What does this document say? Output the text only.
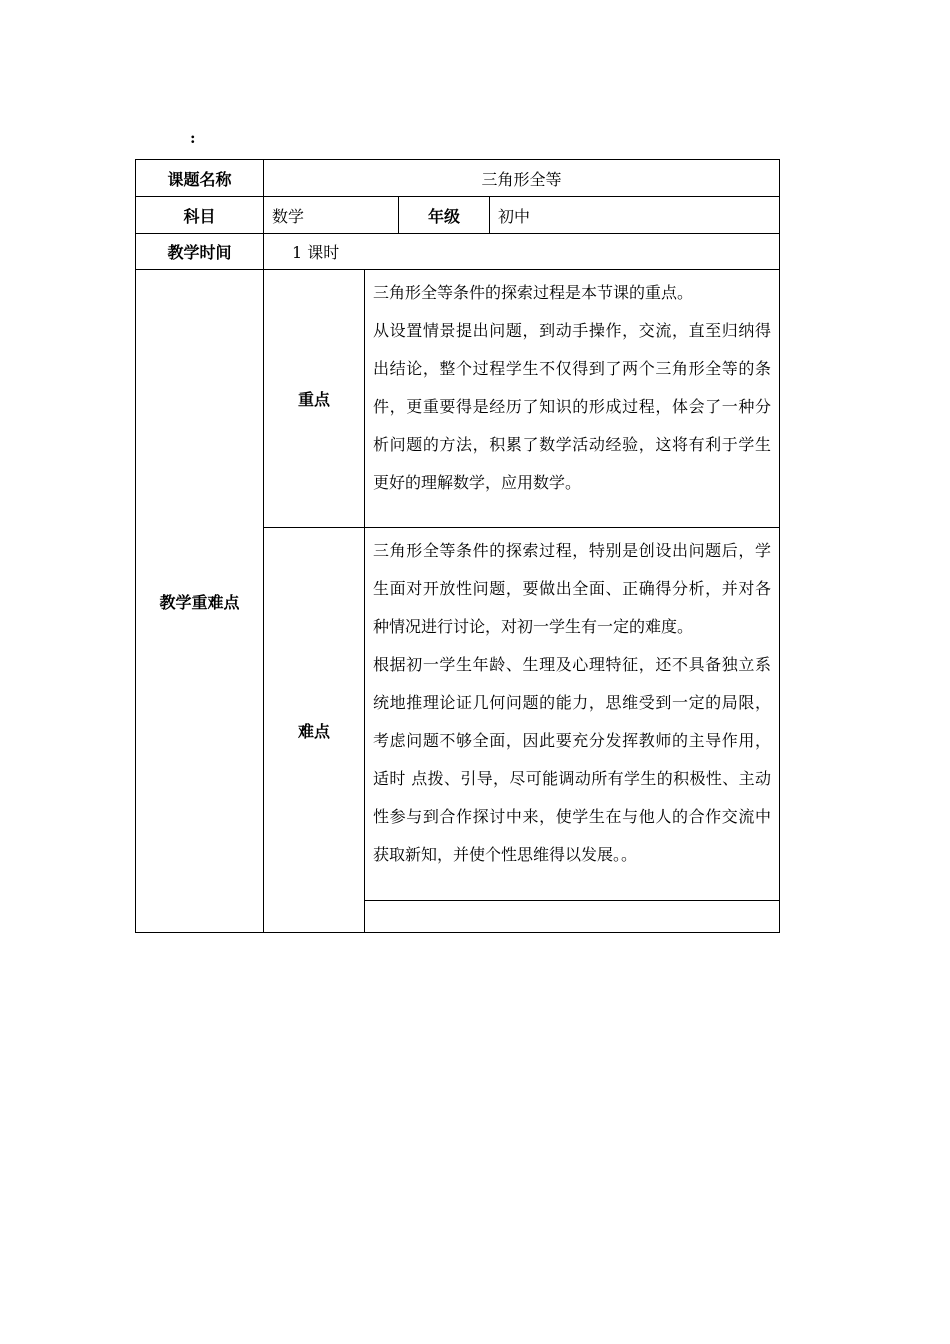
:
课题名称	三角形全等			
科目	数学		年级	初中
教学时间	1 课时			
教学重难点	重点	三角形全等条件的探索过程是本节课的重点。

从设置情景提出问题，到动手操作，交流，直至归纳得出结论，整个过程学生不仅得到了两个三角形全等的条件，更重要得是经历了知识的形成过程，体会了一种分析问题的方法，积累了数学活动经验，这将有利于学生更好的理解数学，应用数学。		

	难点	三角形全等条件的探索过程，特别是创设出问题后，学生面对开放性问题，要做出全面、正确得分析，并对各种情况进行讨论，对初一学生有一定的难度。

根据初一学生年龄、生理及心理特征，还不具备独立系统地推理论证几何问题的能力，思维受到一定的局限，考虑问题不够全面，因此要充分发挥教师的主导作用，适时 点拨、引导，尽可能调动所有学生的积极性、主动性参与到合作探讨中来，使学生在与他人的合作交流中获取新知，并使个性思维得以发展。。		
